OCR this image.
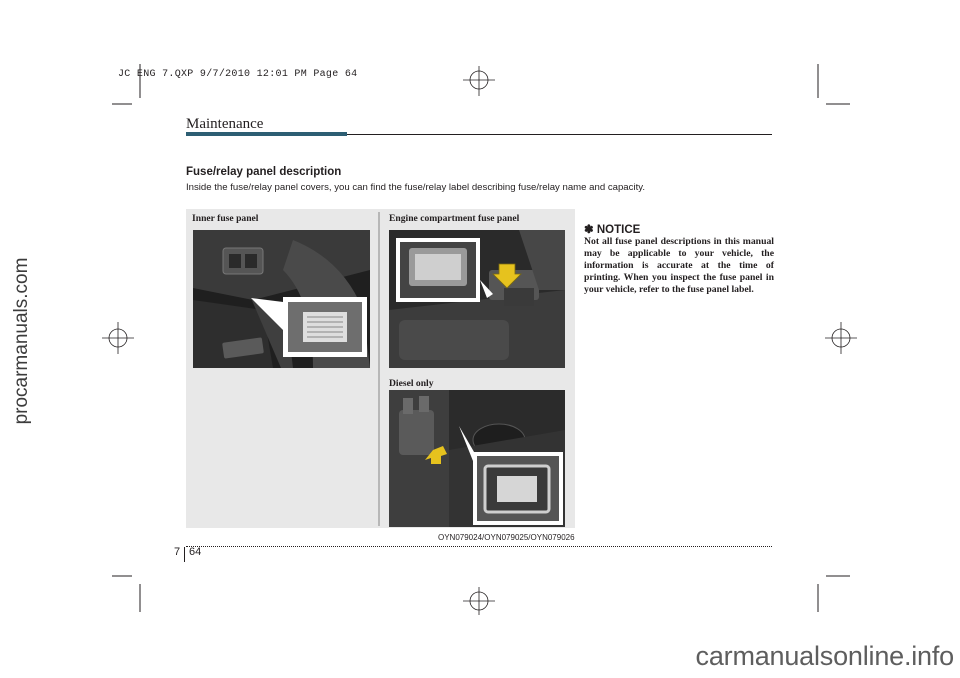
JC ENG 7.QXP 9/7/2010 12:01 PM Page 64
procarmanuals.com
Maintenance
Fuse/relay panel description
Inside the fuse/relay panel covers, you can find the fuse/relay label describing fuse/relay name and capacity.
Inner fuse panel	Engine compartment fuse panel
Diesel only
OYN079024/OYN079025/OYN079026
✽ NOTICE
Not all fuse panel descriptions in this manual may be applicable to your vehicle, the information is accurate at the time of printing. When you inspect the fuse panel in your vehicle, refer to the fuse panel label.
7 64
carmanualsonline.info
